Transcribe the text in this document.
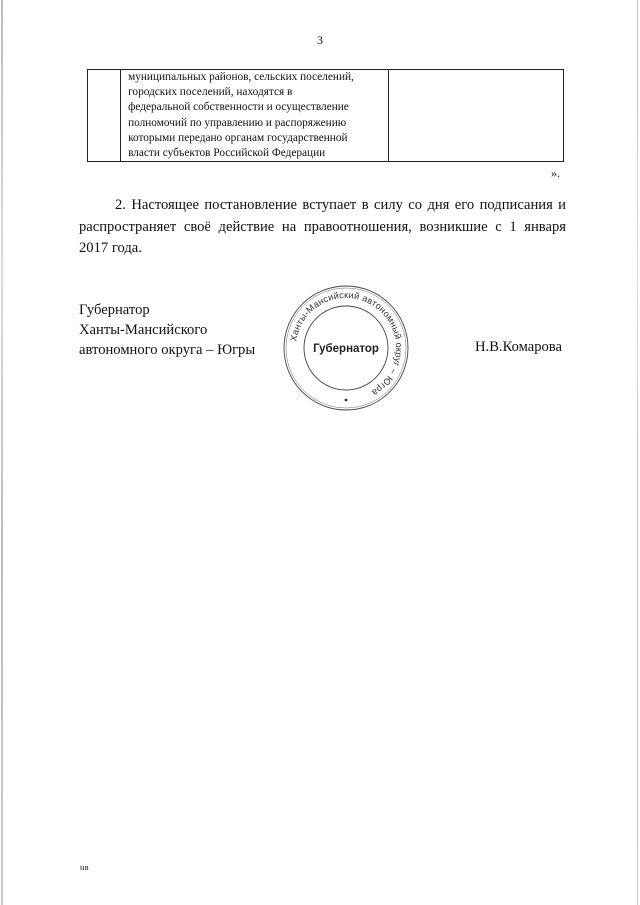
3

муниципальных районов, сельских поселений,
городских поселений, находятся в
федеральной собственности и осуществление
полномочий по управлению и распоряжению
которыми передано органам государственной
власти субъектов Российской Федерации

».
2. Настоящее постановление вступает в силу со дня его подписания и
распространяет своё действие на правоотношения, возникшие с 1 января
2017 года.
Губернатор
Ханты-Мансийского
автономного округа – Югры
Ханты-Мансийский автономный округ – Югра
Губернатор	Н.В.Комарова
нв
